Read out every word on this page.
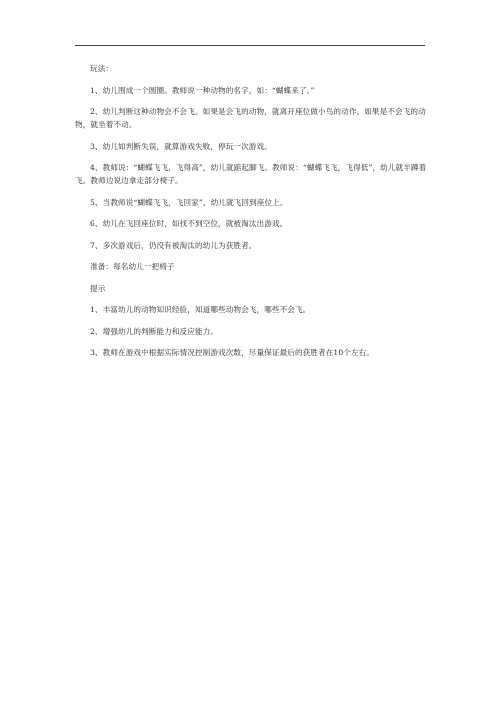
玩法：

1、幼儿围成一个圆圈。教师说一种动物的名字，如：“蝴蝶来了。”

2、幼儿判断这种动物会不会飞。如果是会飞的动物，就离开座位做小鸟的动作。如果是不会飞的动物，就坐着不动。

3、幼儿如判断失误，就算游戏失败，停玩一次游戏。

4、教师说：“蝴蝶飞飞，飞得高”，幼儿就踮起脚飞。教师说：“蝴蝶飞飞，飞得低”，幼儿就半蹲着飞。教师边说边拿走部分椅子。

5、当教师说“蝴蝶飞飞，飞回家”，幼儿就飞回到座位上。

6、幼儿在飞回座位时，如找不到空位，就被淘汰出游戏。

7、多次游戏后，仍没有被淘汰的幼儿为获胜者。

准备：每名幼儿一把椅子

提示

1、丰富幼儿的动物知识经验，知道哪些动物会飞，哪些不会飞。

2、增强幼儿的判断能力和反应能力。

3、教师在游戏中根据实际情况控制游戏次数，尽量保证最后的获胜者在10个左右。
